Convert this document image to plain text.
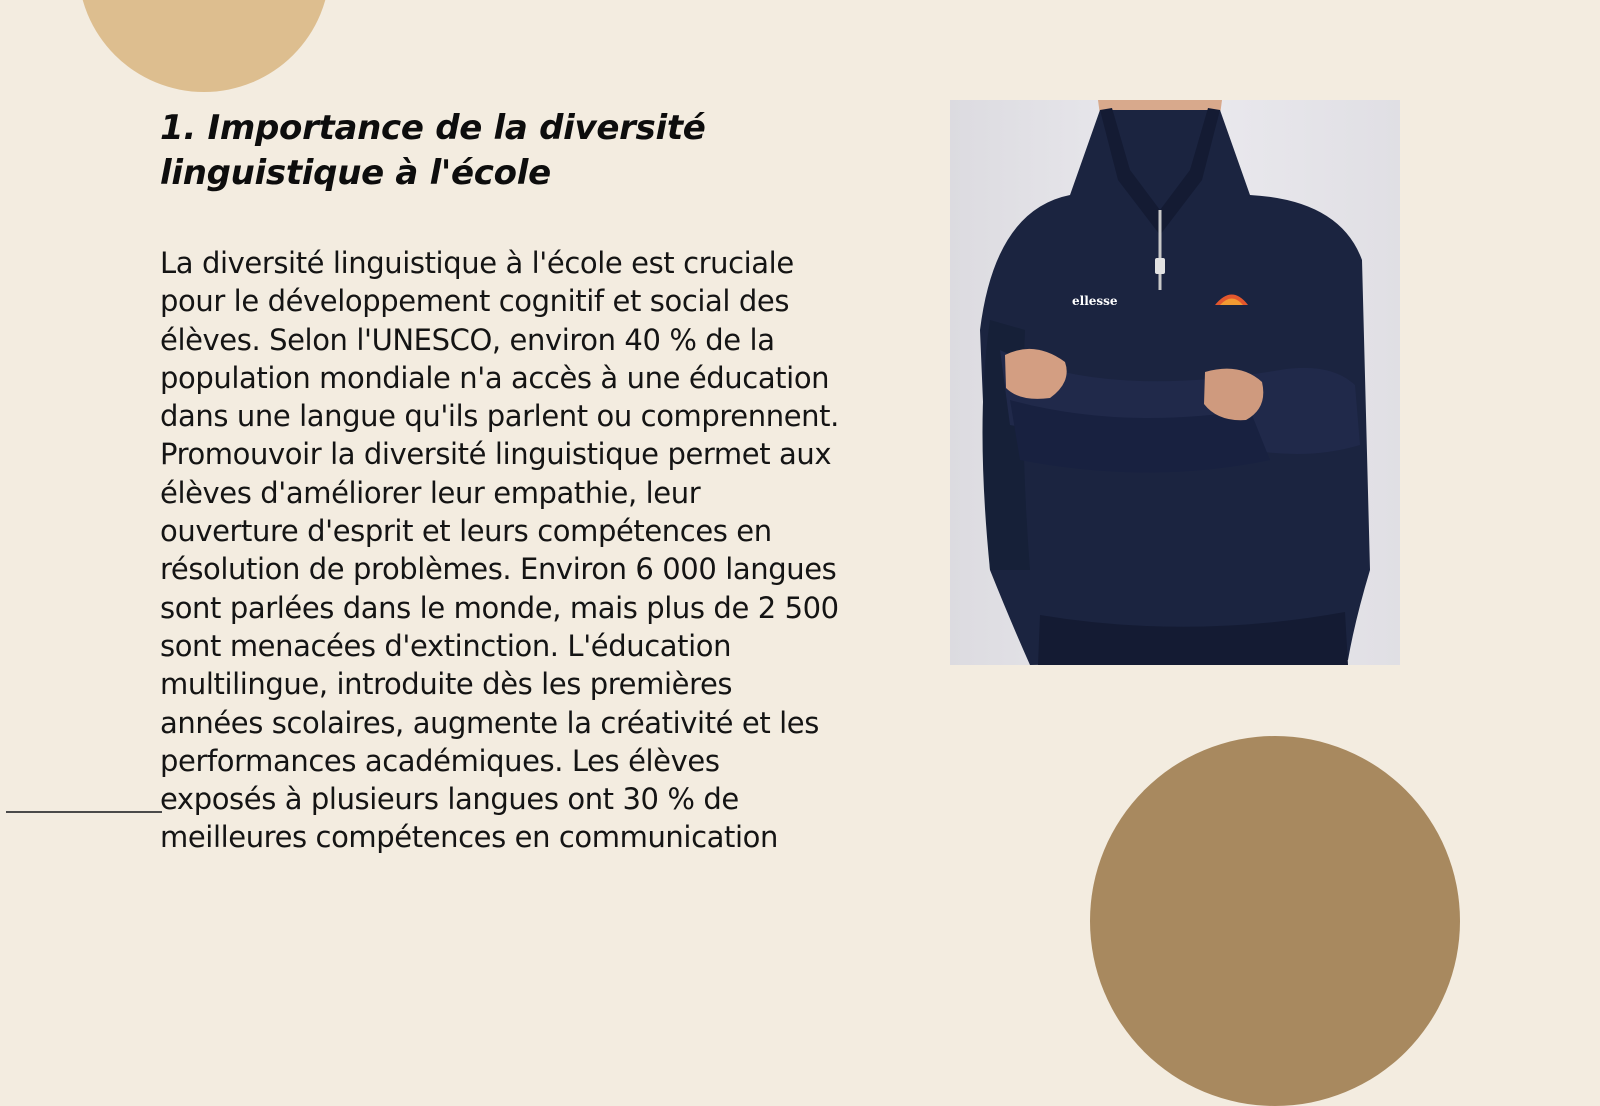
1. Importance de la diversité linguistique à l'école

La diversité linguistique à l'école est cruciale pour le développement cognitif et social des élèves. Selon l'UNESCO, environ 40 % de la population mondiale n'a accès à une éducation dans une langue qu'ils parlent ou comprennent. Promouvoir la diversité linguistique permet aux élèves d'améliorer leur empathie, leur ouverture d'esprit et leurs compétences en résolution de problèmes. Environ 6 000 langues sont parlées dans le monde, mais plus de 2 500 sont menacées d'extinction. L'éducation multilingue, introduite dès les premières années scolaires, augmente la créativité et les performances académiques. Les élèves exposés à plusieurs langues ont 30 % de meilleures compétences en communication

ellesse
